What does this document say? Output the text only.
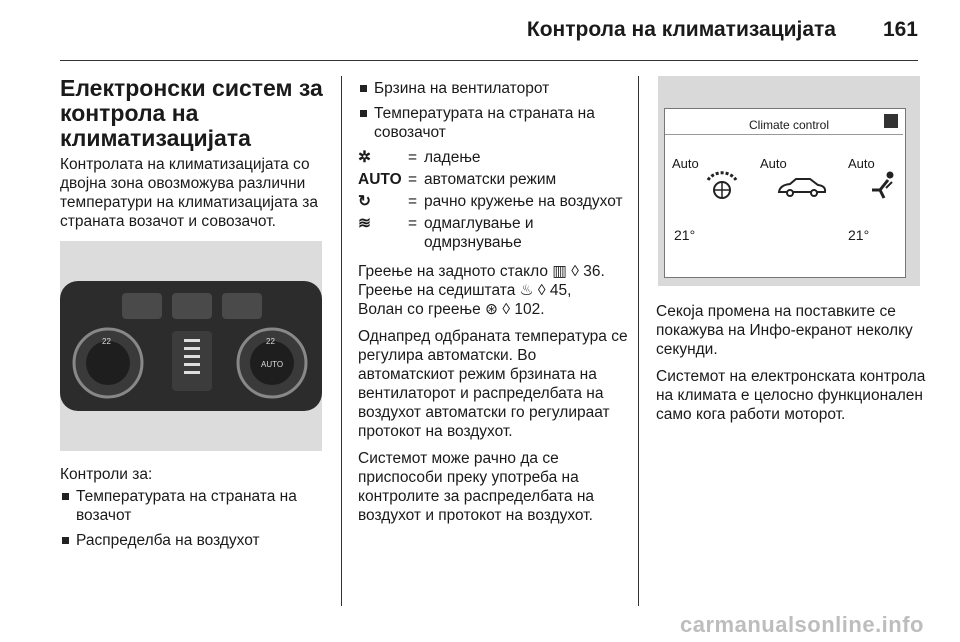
Контрола на климатизацијата 161
Електронски систем за контрола на климатизацијата

Контролата на климатизацијата со двојна зона овозможува различни температури на климатизацијата за страната возачот и совозачот.

22	22
AUTO

Контроли за:

Температурата на страната на возачот
Распределба на воздухот
Брзина на вентилаторот
Температурата на страната на совозачот
✲	= ладење
AUTO = автоматски режим
↻	= рачно кружење на воздухот
≋	= одмаглување и одмрзнување

Греење на задното стакло ▥ ◊ 36.
Греење на седиштата ♨ ◊ 45,
Волан со греење ⊛ ◊ 102.

Однапред одбраната температура се регулира автоматски. Во автоматскиот режим брзината на вентилаторот и распределбата на воздухот автоматски го регулираат протокот на воздухот.

Системот може рачно да се приспособи преку употреба на контролите за распределбата на воздухот и протокот на воздухот.

Climate control
Auto	Auto	Auto
21°	21°

Секоја промена на поставките се покажува на Инфо-екранот неколку секунди.

Системот на електронската контрола на климата е целосно функционален само кога работи моторот.

carmanualsonline.info
